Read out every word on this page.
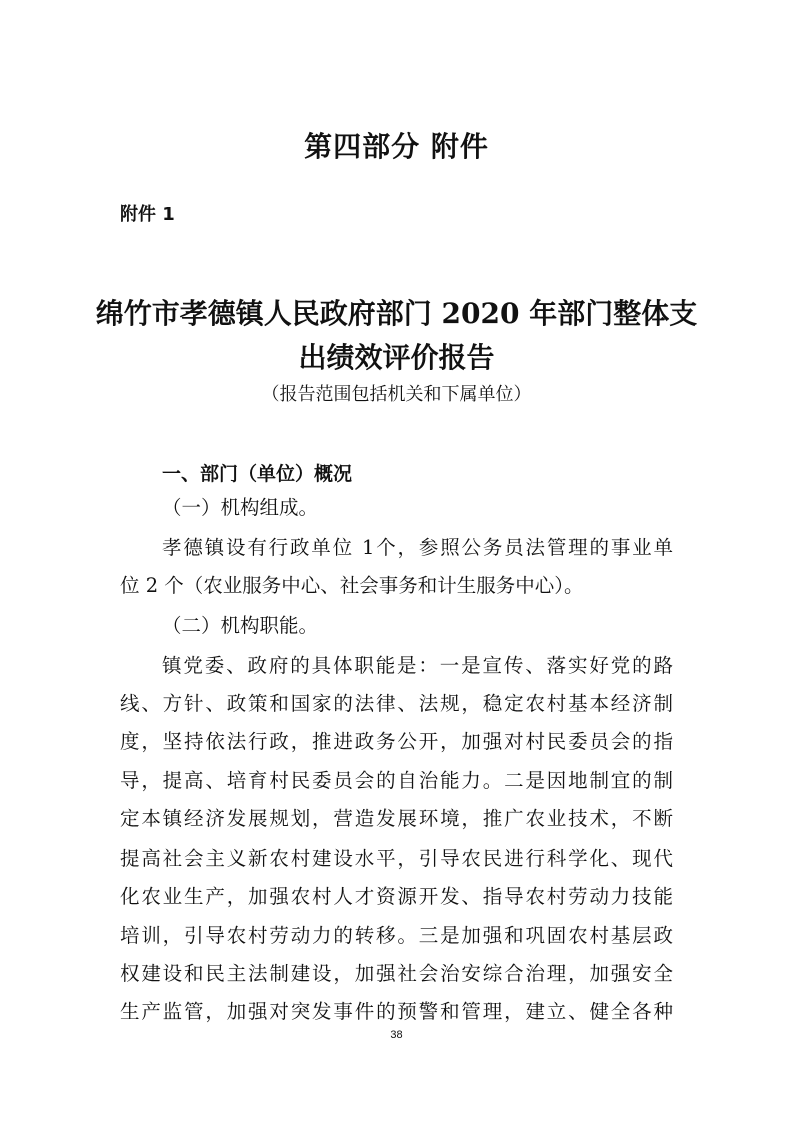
第四部分 附件
附件 1
绵竹市孝德镇人民政府部门 2020 年部门整体支
出绩效评价报告
（报告范围包括机关和下属单位）
一、部门（单位）概况
（一）机构组成。
孝德镇设有行政单位 1个，参照公务员法管理的事业单
位 2 个（农业服务中心、社会事务和计生服务中心）。
（二）机构职能。
镇党委、政府的具体职能是：一是宣传、落实好党的路
线、方针、政策和国家的法律、法规，稳定农村基本经济制
度，坚持依法行政，推进政务公开，加强对村民委员会的指
导，提高、培育村民委员会的自治能力。二是因地制宜的制
定本镇经济发展规划，营造发展环境，推广农业技术，不断
提高社会主义新农村建设水平，引导农民进行科学化、现代
化农业生产，加强农村人才资源开发、指导农村劳动力技能
培训，引导农村劳动力的转移。三是加强和巩固农村基层政
权建设和民主法制建设，加强社会治安综合治理，加强安全
生产监管，加强对突发事件的预警和管理，建立、健全各种
38
